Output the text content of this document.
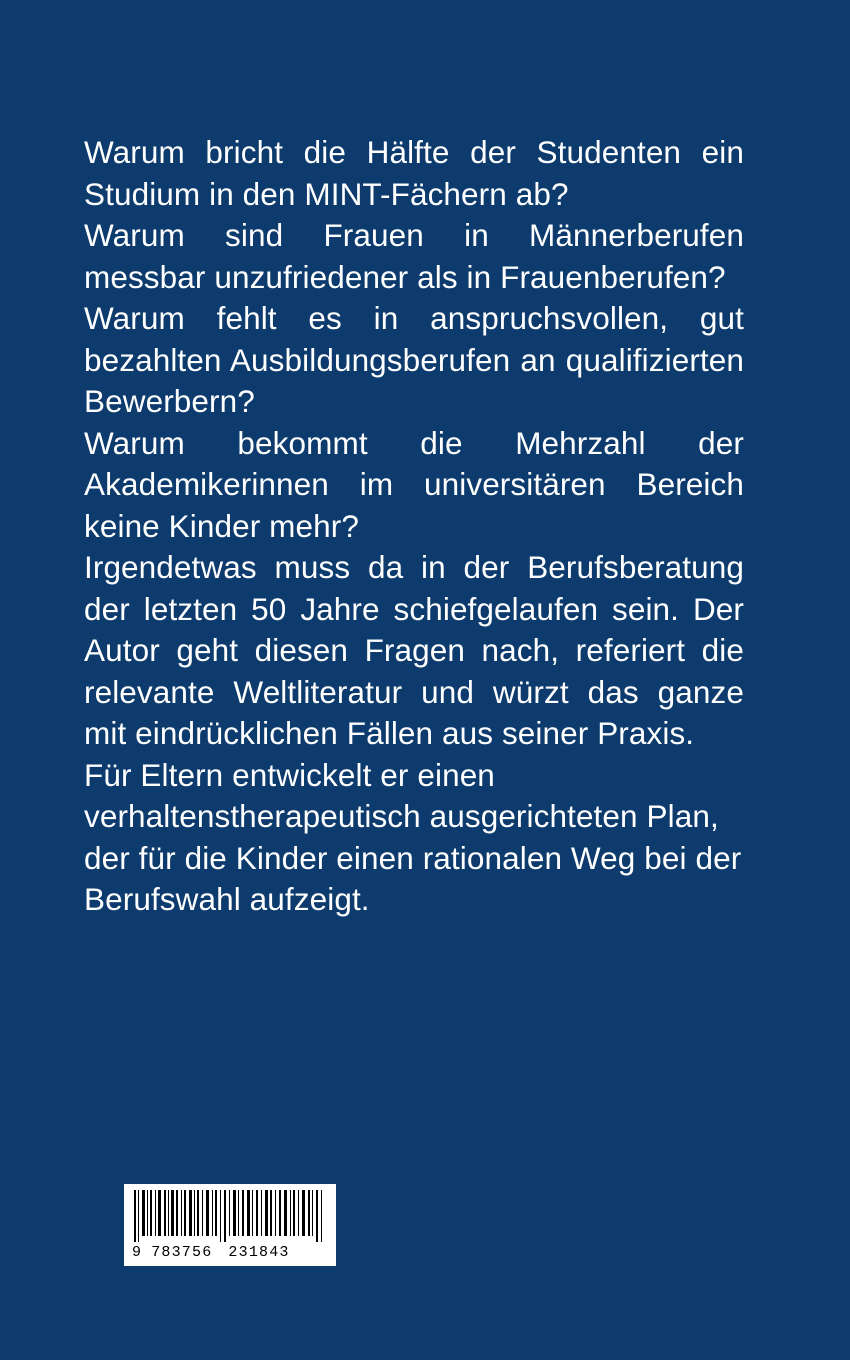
Warum bricht die Hälfte der Studenten ein Studium in den MINT-Fächern ab?

Warum sind Frauen in Männerberufen messbar unzufriedener als in Frauenberufen?

Warum fehlt es in anspruchsvollen, gut bezahlten Ausbildungsberufen an qualifizierten Bewerbern?

Warum bekommt die Mehrzahl der Akademikerinnen im universitären Bereich keine Kinder mehr?

Irgendetwas muss da in der Berufsberatung der letzten 50 Jahre schiefgelaufen sein. Der Autor geht diesen Fragen nach, referiert die relevante Weltliteratur und würzt das ganze mit eindrücklichen Fällen aus seiner Praxis.

Für Eltern entwickelt er einen verhaltenstherapeutisch ausgerichteten Plan, der für die Kinder einen rationalen Weg bei der Berufswahl aufzeigt.

9 783756 231843
